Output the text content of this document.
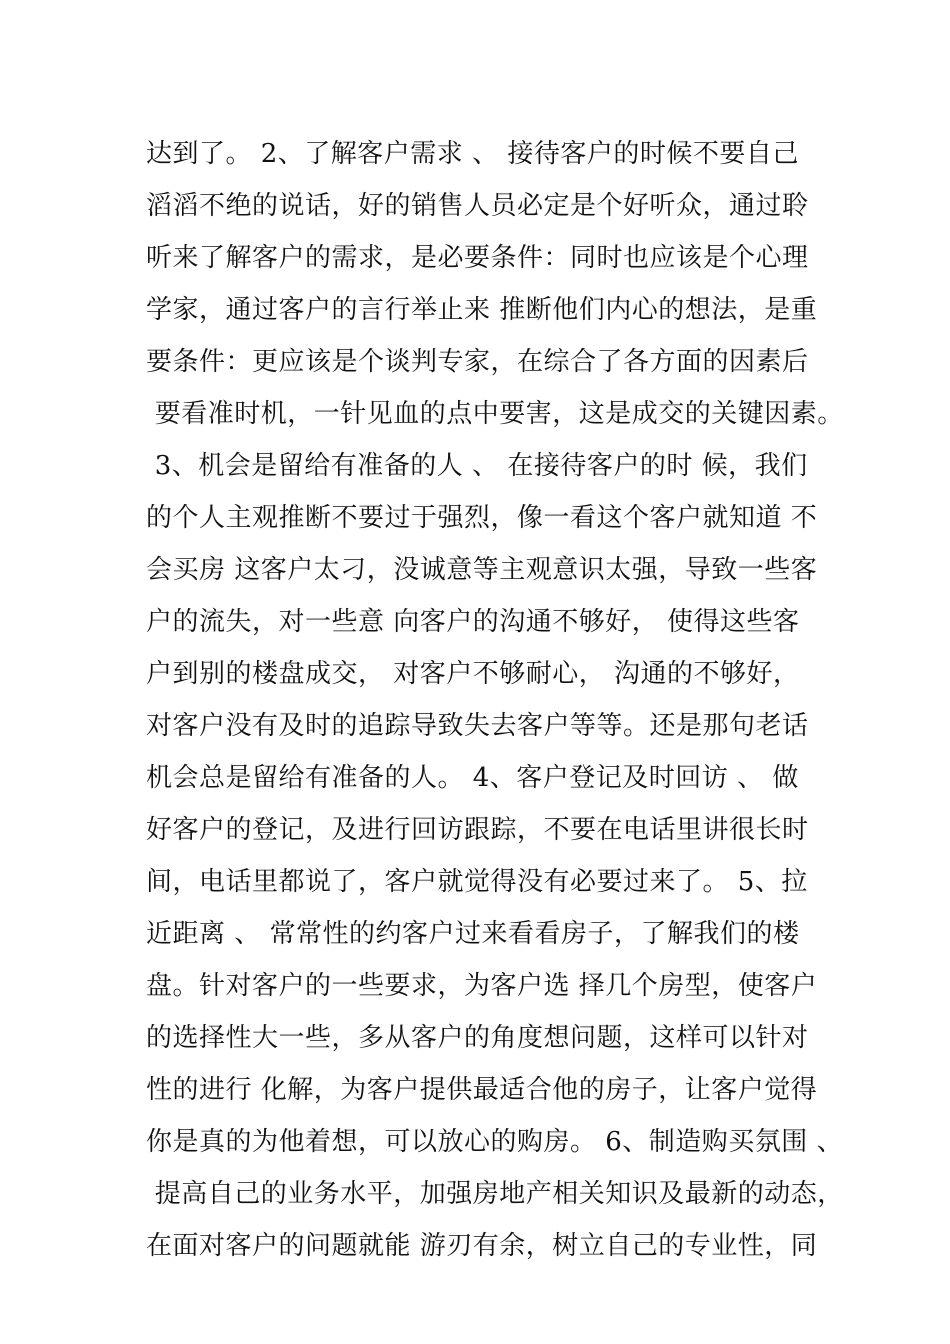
达到了。 2、了解客户需求 、 接待客户的时候不要自己
滔滔不绝的说话，好的销售人员必定是个好听众，通过聆
听来了解客户的需求，是必要条件：同时也应该是个心理
学家，通过客户的言行举止来 推断他们内心的想法，是重
要条件：更应该是个谈判专家，在综合了各方面的因素后
要看准时机，一针见血的点中要害，这是成交的关键因素。
3、机会是留给有准备的人 、 在接待客户的时 候，我们
的个人主观推断不要过于强烈，像一看这个客户就知道 不
会买房 这客户太刁，没诚意等主观意识太强，导致一些客
户的流失，对一些意 向客户的沟通不够好， 使得这些客
户到别的楼盘成交， 对客户不够耐心， 沟通的不够好，
对客户没有及时的追踪导致失去客户等等。还是那句老话
机会总是留给有准备的人。 4、客户登记及时回访 、 做
好客户的登记，及进行回访跟踪，不要在电话里讲很长时
间，电话里都说了，客户就觉得没有必要过来了。 5、拉
近距离 、 常常性的约客户过来看看房子，了解我们的楼
盘。针对客户的一些要求，为客户选 择几个房型，使客户
的选择性大一些，多从客户的角度想问题，这样可以针对
性的进行 化解，为客户提供最适合他的房子，让客户觉得
你是真的为他着想，可以放心的购房。 6、制造购买氛围 、
提高自己的业务水平，加强房地产相关知识及最新的动态，
在面对客户的问题就能 游刃有余，树立自己的专业性，同
